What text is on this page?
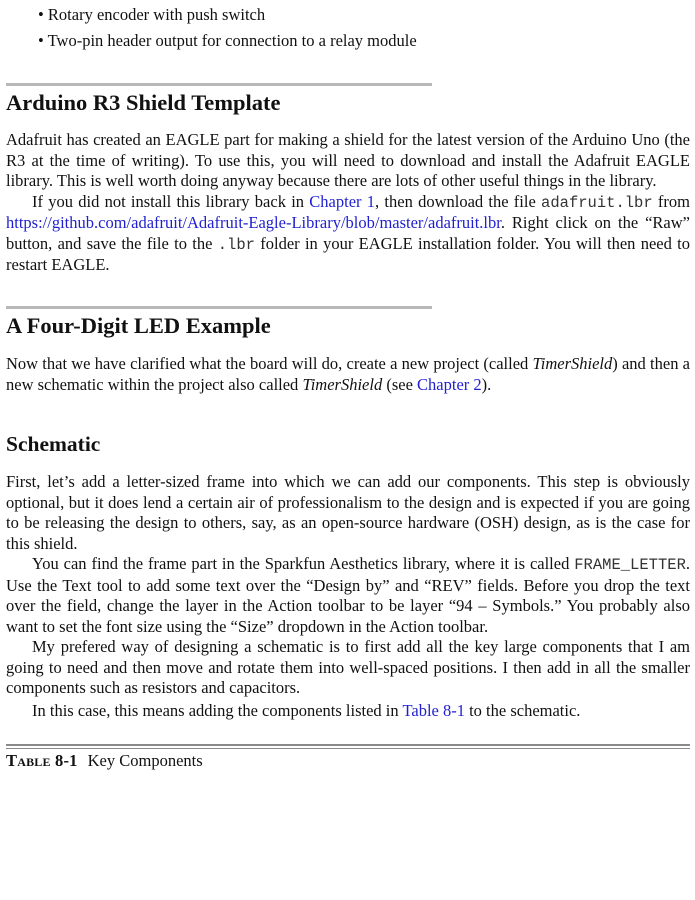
• Rotary encoder with push switch
• Two-pin header output for connection to a relay module
Arduino R3 Shield Template

Adafruit has created an EAGLE part for making a shield for the latest version of the Arduino Uno (the R3 at the time of writing). To use this, you will need to download and install the Adafruit EAGLE library. This is well worth doing anyway because there are lots of other useful things in the library.

If you did not install this library back in Chapter 1, then download the file adafruit.lbr from https://github.com/adafruit/Adafruit-Eagle-Library/blob/master/adafruit.lbr. Right click on the “Raw” button, and save the file to the .lbr folder in your EAGLE installation folder. You will then need to restart EAGLE.

A Four-Digit LED Example

Now that we have clarified what the board will do, create a new project (called TimerShield) and then a new schematic within the project also called TimerShield (see Chapter 2).

Schematic

First, let’s add a letter-sized frame into which we can add our components. This step is obviously optional, but it does lend a certain air of professionalism to the design and is expected if you are going to be releasing the design to others, say, as an open-source hardware (OSH) design, as is the case for this shield.

You can find the frame part in the Sparkfun Aesthetics library, where it is called FRAME_LETTER. Use the Text tool to add some text over the “Design by” and “REV” fields. Before you drop the text over the field, change the layer in the Action toolbar to be layer “94 – Symbols.” You probably also want to set the font size using the “Size” dropdown in the Action toolbar.

My prefered way of designing a schematic is to first add all the key large components that I am going to need and then move and rotate them into well-spaced positions. I then add in all the smaller components such as resistors and capacitors.

In this case, this means adding the components listed in Table 8-1 to the schematic.

Table 8-1 Key Components
